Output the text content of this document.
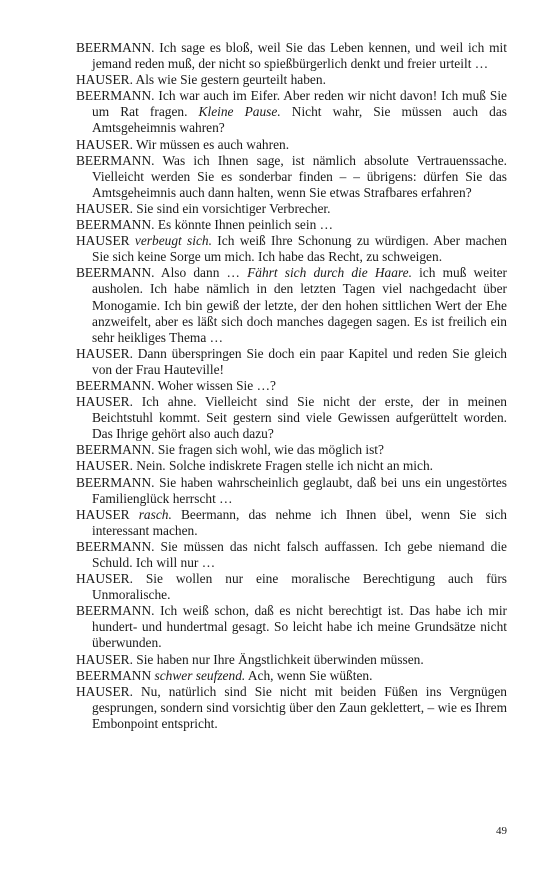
BEERMANN. Ich sage es bloß, weil Sie das Leben kennen, und weil ich mit jemand reden muß, der nicht so spießbürgerlich denkt und freier urteilt …

HAUSER. Als wie Sie gestern geurteilt haben.

BEERMANN. Ich war auch im Eifer. Aber reden wir nicht davon! Ich muß Sie um Rat fragen. Kleine Pause. Nicht wahr, Sie müssen auch das Amtsgeheimnis wahren?

HAUSER. Wir müssen es auch wahren.

BEERMANN. Was ich Ihnen sage, ist nämlich absolute Vertrauenssache. Vielleicht werden Sie es sonderbar finden – – übrigens: dürfen Sie das Amtsgeheimnis auch dann halten, wenn Sie etwas Strafbares erfahren?

HAUSER. Sie sind ein vorsichtiger Verbrecher.

BEERMANN. Es könnte Ihnen peinlich sein …

HAUSER verbeugt sich. Ich weiß Ihre Schonung zu würdigen. Aber machen Sie sich keine Sorge um mich. Ich habe das Recht, zu schweigen.

BEERMANN. Also dann … Fährt sich durch die Haare. ich muß weiter ausholen. Ich habe nämlich in den letzten Tagen viel nachgedacht über Monogamie. Ich bin gewiß der letzte, der den hohen sittlichen Wert der Ehe anzweifelt, aber es läßt sich doch manches dagegen sagen. Es ist freilich ein sehr heikliges Thema …

HAUSER. Dann überspringen Sie doch ein paar Kapitel und reden Sie gleich von der Frau Hauteville!

BEERMANN. Woher wissen Sie …?

HAUSER. Ich ahne. Vielleicht sind Sie nicht der erste, der in meinen Beichtstuhl kommt. Seit gestern sind viele Gewissen aufgerüttelt worden. Das Ihrige gehört also auch dazu?

BEERMANN. Sie fragen sich wohl, wie das möglich ist?

HAUSER. Nein. Solche indiskrete Fragen stelle ich nicht an mich.

BEERMANN. Sie haben wahrscheinlich geglaubt, daß bei uns ein ungestörtes Familienglück herrscht …

HAUSER rasch. Beermann, das nehme ich Ihnen übel, wenn Sie sich interessant machen.

BEERMANN. Sie müssen das nicht falsch auffassen. Ich gebe niemand die Schuld. Ich will nur …

HAUSER. Sie wollen nur eine moralische Berechtigung auch fürs Unmoralische.

BEERMANN. Ich weiß schon, daß es nicht berechtigt ist. Das habe ich mir hundert- und hundertmal gesagt. So leicht habe ich meine Grundsätze nicht überwunden.

HAUSER. Sie haben nur Ihre Ängstlichkeit überwinden müssen.

BEERMANN schwer seufzend. Ach, wenn Sie wüßten.

HAUSER. Nu, natürlich sind Sie nicht mit beiden Füßen ins Vergnügen gesprungen, sondern sind vorsichtig über den Zaun geklettert, – wie es Ihrem Embonpoint entspricht.

49
